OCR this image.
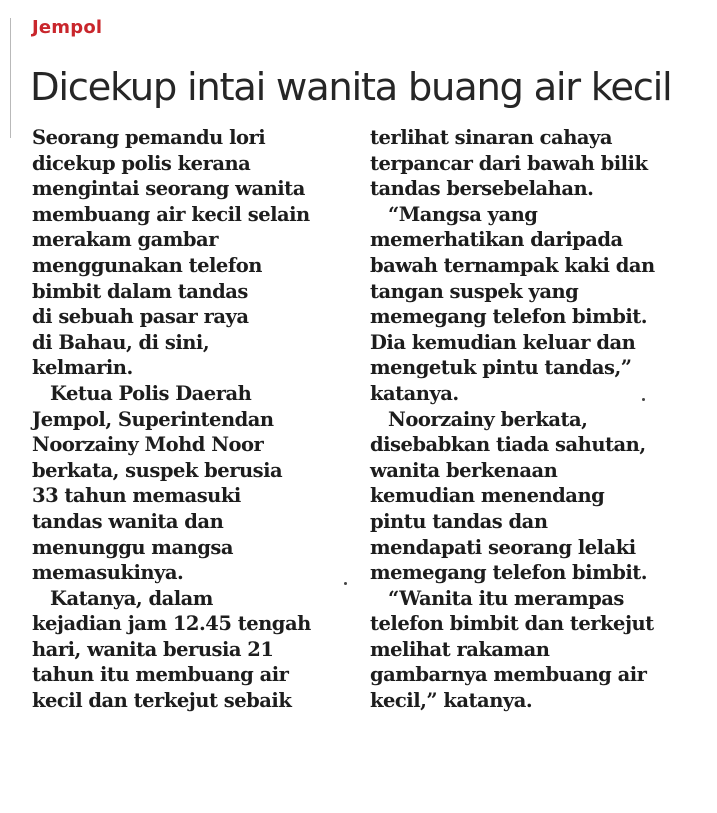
Jempol
Dicekup intai wanita buang air kecil

Seorang pemandu lori
dicekup polis kerana
mengintai seorang wanita
membuang air kecil selain
merakam gambar
menggunakan telefon
bimbit dalam tandas
di sebuah pasar raya
di Bahau, di sini,
kelmarin.

Ketua Polis Daerah
Jempol, Superintendan
Noorzainy Mohd Noor
berkata, suspek berusia
33 tahun memasuki
tandas wanita dan
menunggu mangsa
memasukinya.

Katanya, dalam
kejadian jam 12.45 tengah
hari, wanita berusia 21
tahun itu membuang air
kecil dan terkejut sebaik

terlihat sinaran cahaya
terpancar dari bawah bilik
tandas bersebelahan.

“Mangsa yang
memerhatikan daripada
bawah ternampak kaki dan
tangan suspek yang
memegang telefon bimbit.
Dia kemudian keluar dan
mengetuk pintu tandas,”
katanya.

Noorzainy berkata,
disebabkan tiada sahutan,
wanita berkenaan
kemudian menendang
pintu tandas dan
mendapati seorang lelaki
memegang telefon bimbit.

“Wanita itu merampas
telefon bimbit dan terkejut
melihat rakaman
gambarnya membuang air
kecil,” katanya.
